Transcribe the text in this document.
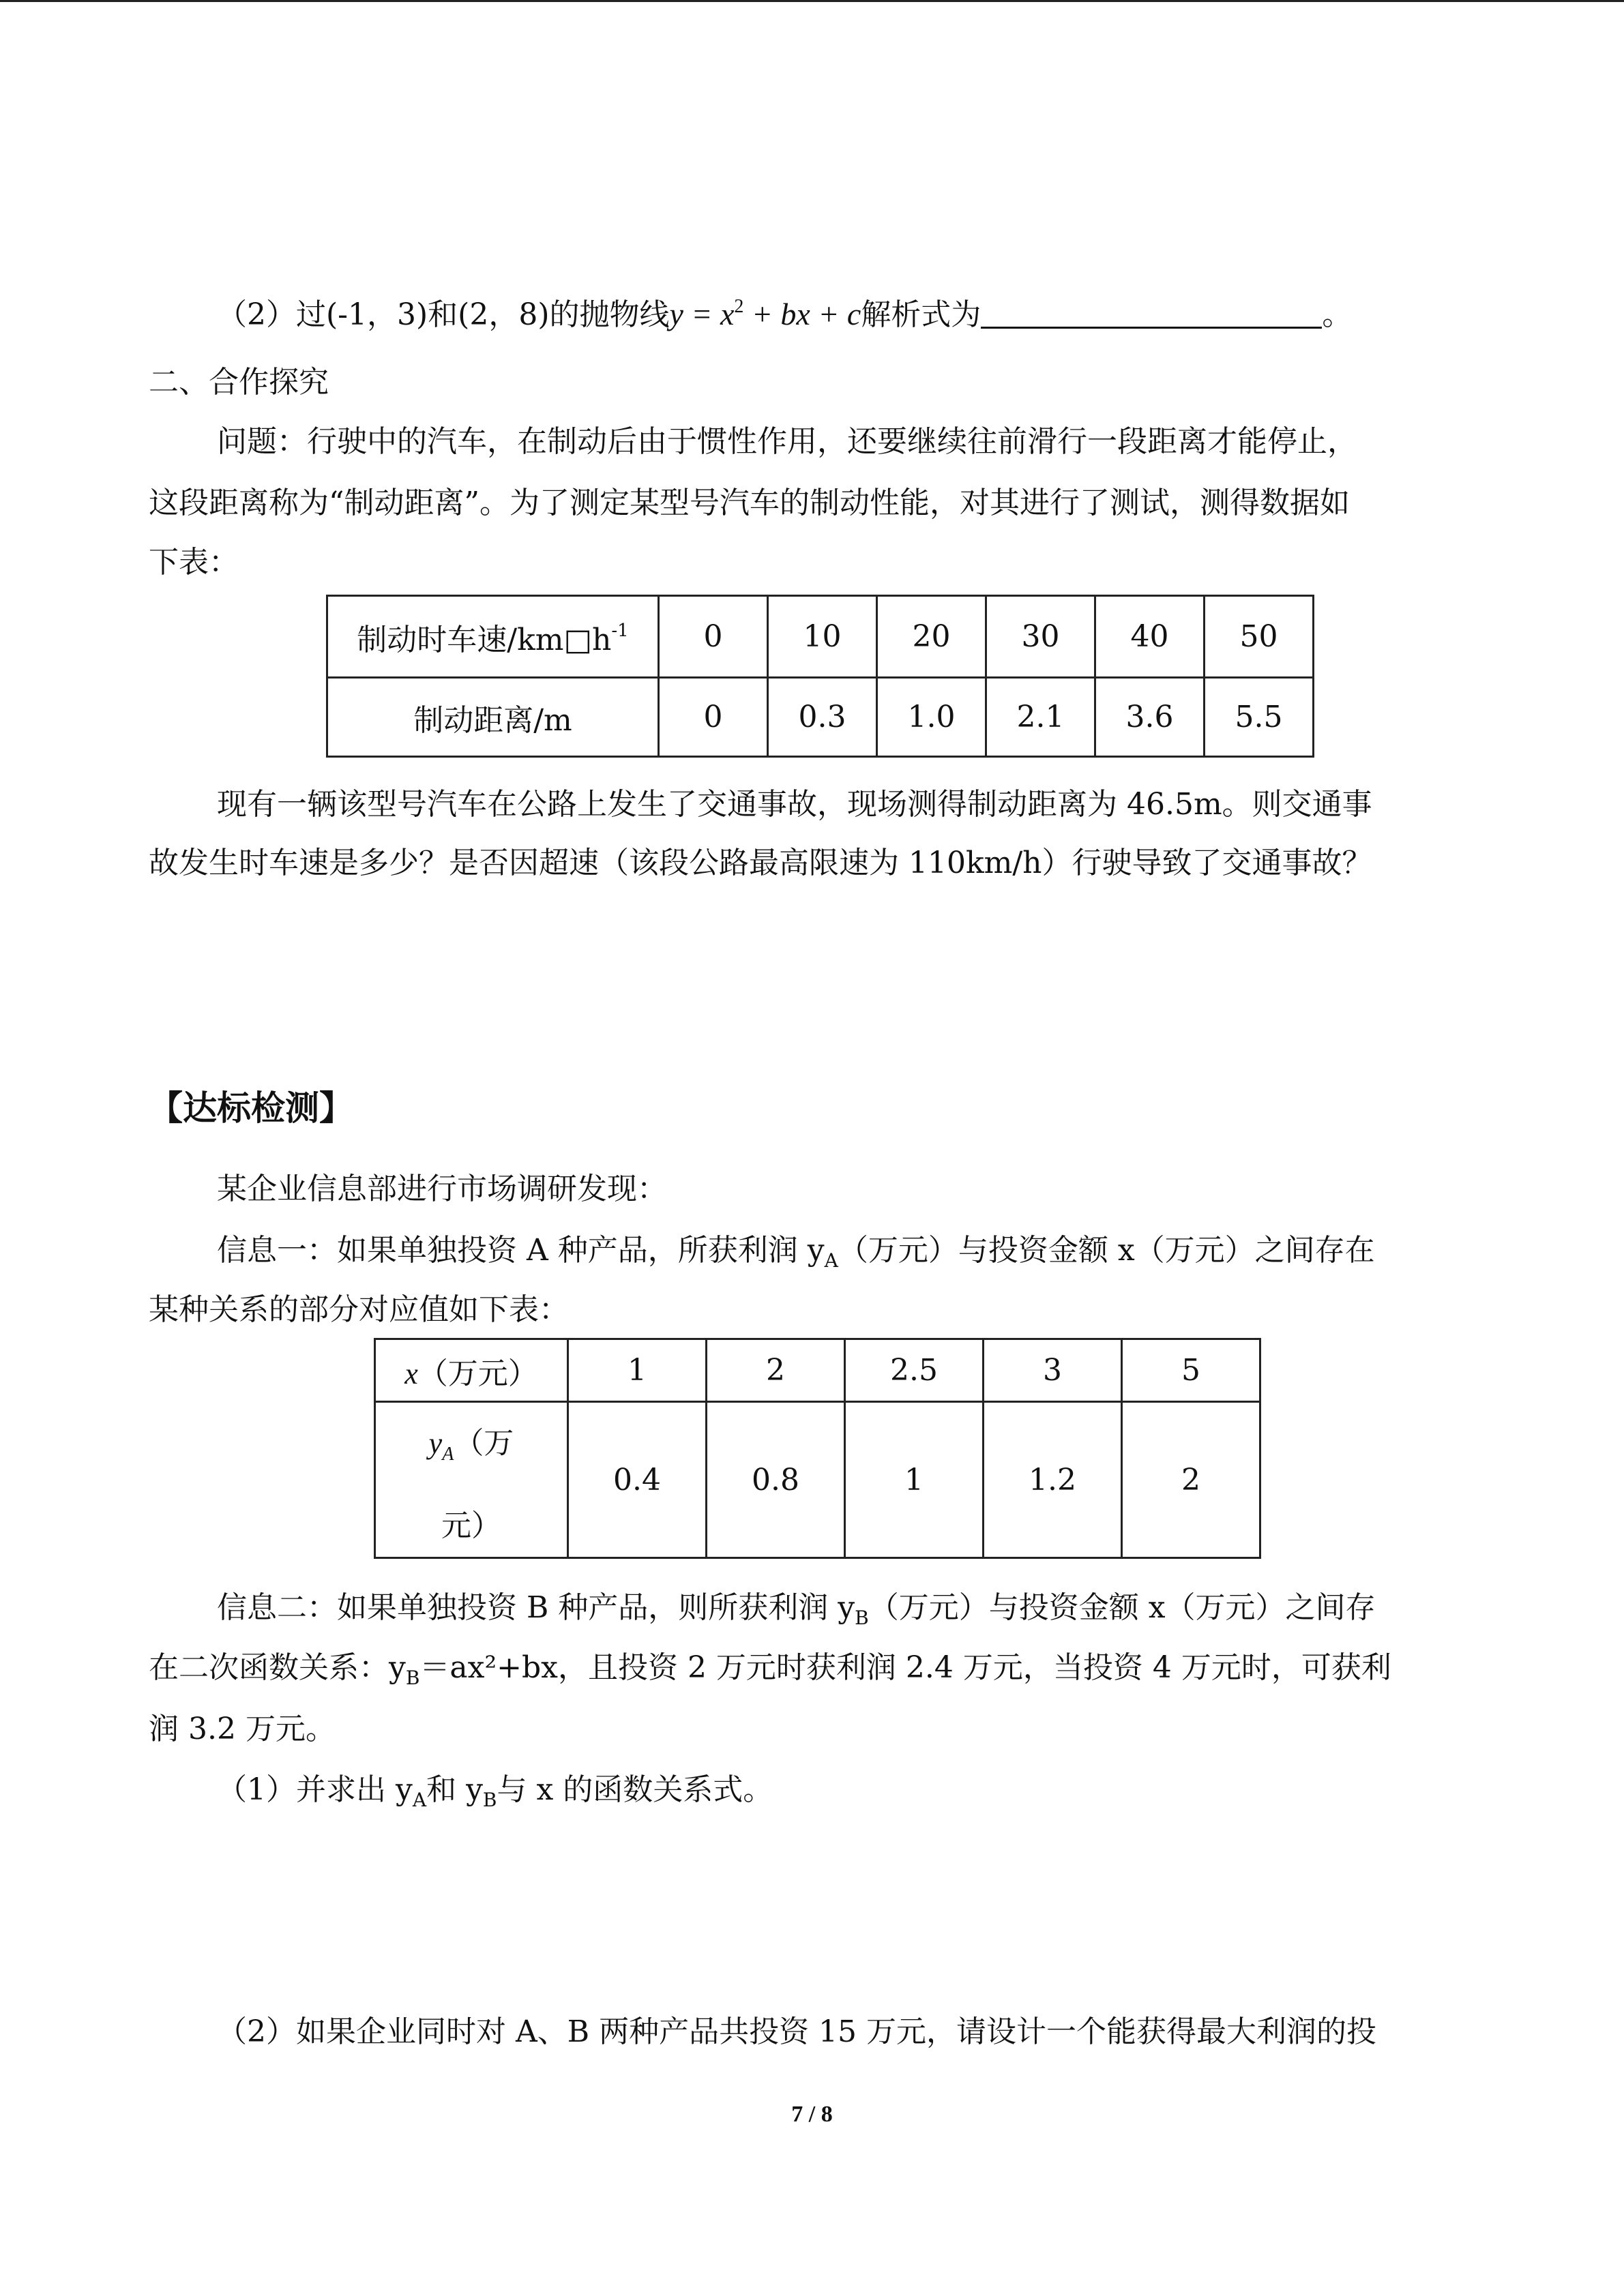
（2）过(-1，3)和(2，8)的抛物线$y = x^2$ + bx + c解析式为	。
二、合作探究
问题：行驶中的汽车，在制动后由于惯性作用，还要继续往前滑行一段距离才能停止，
这段距离称为“制动距离”。为了测定某型号汽车的制动性能，对其进行了测试，测得数据如
下表：
制动时车速$/km□h^{-1}$	0	10	20	30	40	50
制动距离/m	0	0.3	1.0	2.1	3.6	5.5
现有一辆该型号汽车在公路上发生了交通事故，现场测得制动距离为 46.5m。则交通事
故发生时车速是多少？是否因超速（该段公路最高限速为 110km/h）行驶导致了交通事故？
【达标检测】
某企业信息部进行市场调研发现：
信息一：如果单独投资 A 种产品，所获利润 $y_A$（万元）与投资金额 x（万元）之间存在
某种关系的部分对应值如下表：
x（万元）	1	2	2.5	3	5

$y_A$（万
元）	0.4	0.8	1	1.2	2
信息二：如果单独投资 B 种产品，则所获利润 $y_B$（万元）与投资金额 x（万元）之间存
在二次函数关系：$y_B=ax^2+bx$，且投资 2 万元时获利润 2.4 万元，当投资 4 万元时，可获利
润 3.2 万元。
（1）并求出 $y_A$和 $y_B$与 x 的函数关系式。
（2）如果企业同时对 A、B 两种产品共投资 15 万元，请设计一个能获得最大利润的投
7 / 8
